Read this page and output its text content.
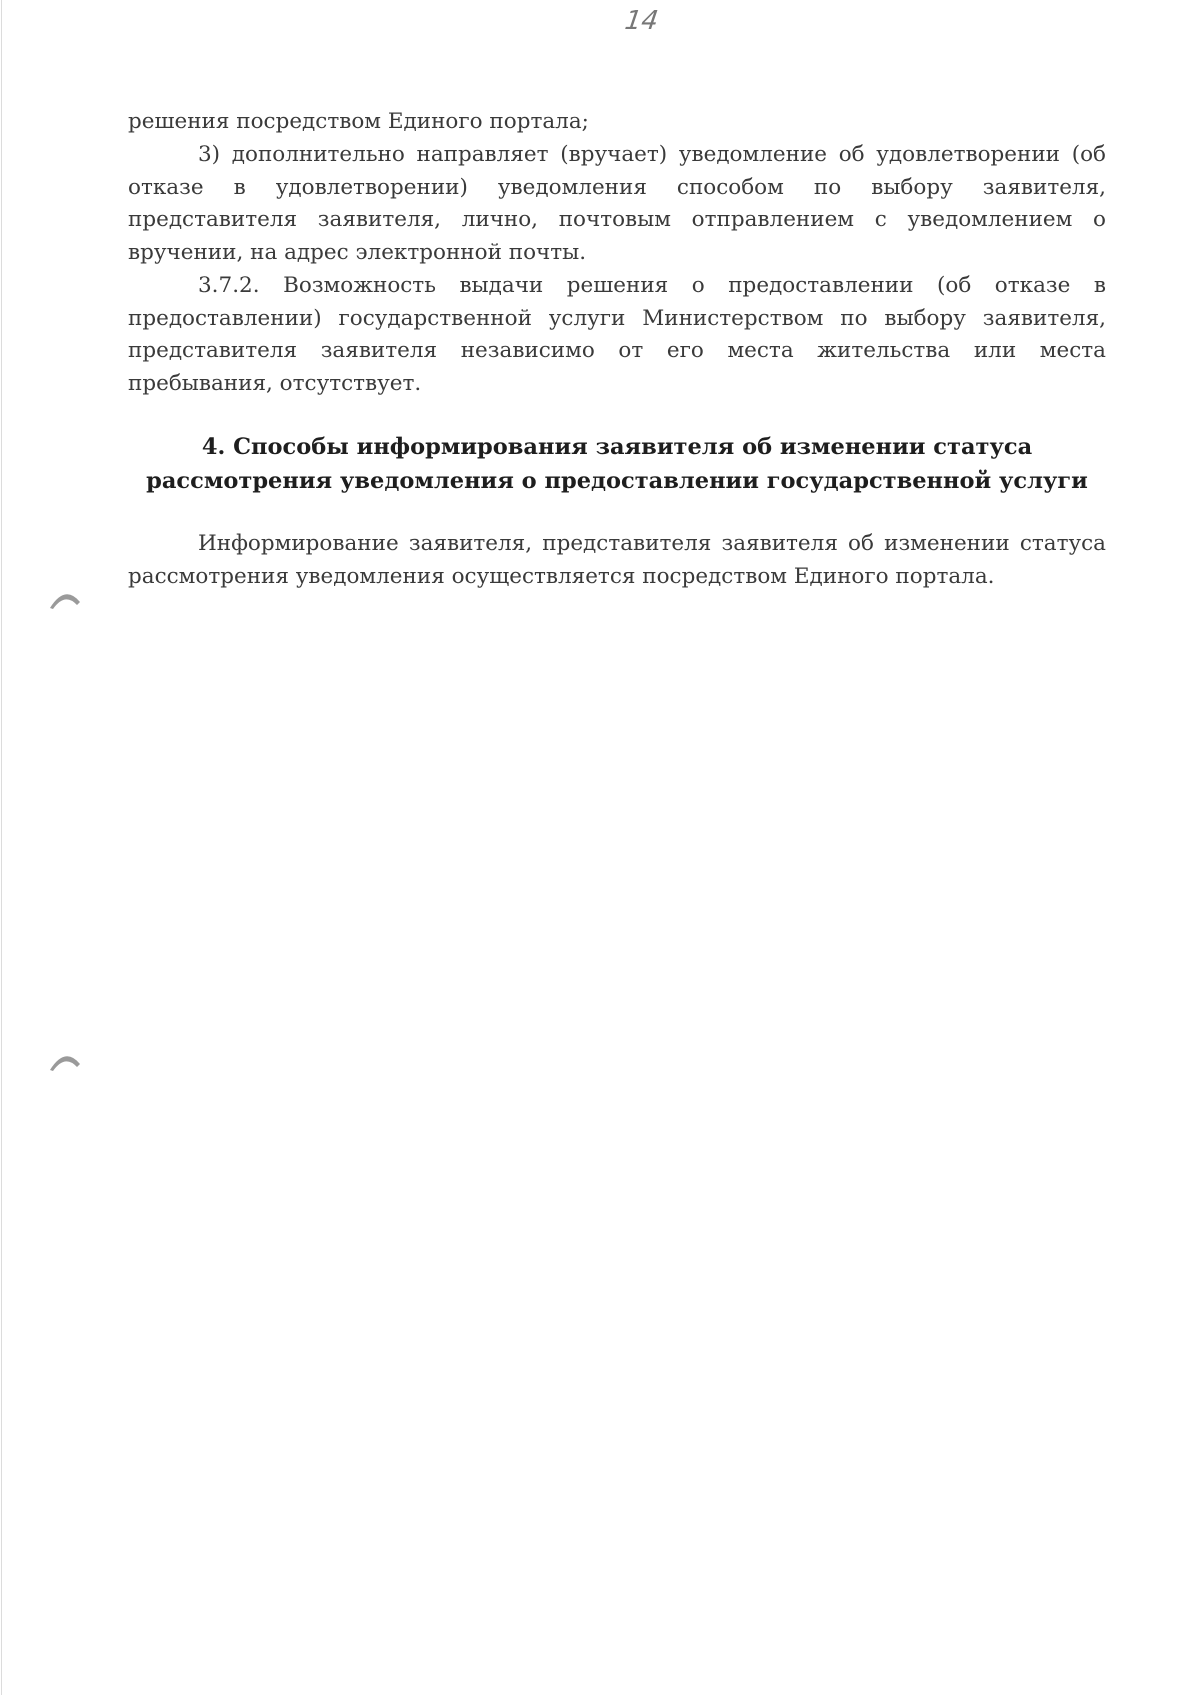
14

решения посредством Единого портала;

3) дополнительно направляет (вручает) уведомление об удовлетворении (об отказе в удовлетворении) уведомления способом по выбору заявителя, представителя заявителя, лично, почтовым отправлением с уведомлением о вручении, на адрес электронной почты.

3.7.2. Возможность выдачи решения о предоставлении (об отказе в предоставлении) государственной услуги Министерством по выбору заявителя, представителя заявителя независимо от его места жительства или места пребывания, отсутствует.

4. Способы информирования заявителя об изменении статуса
рассмотрения уведомления о предоставлении государственной услуги

Информирование заявителя, представителя заявителя об изменении статуса рассмотрения уведомления осуществляется посредством Единого портала.
